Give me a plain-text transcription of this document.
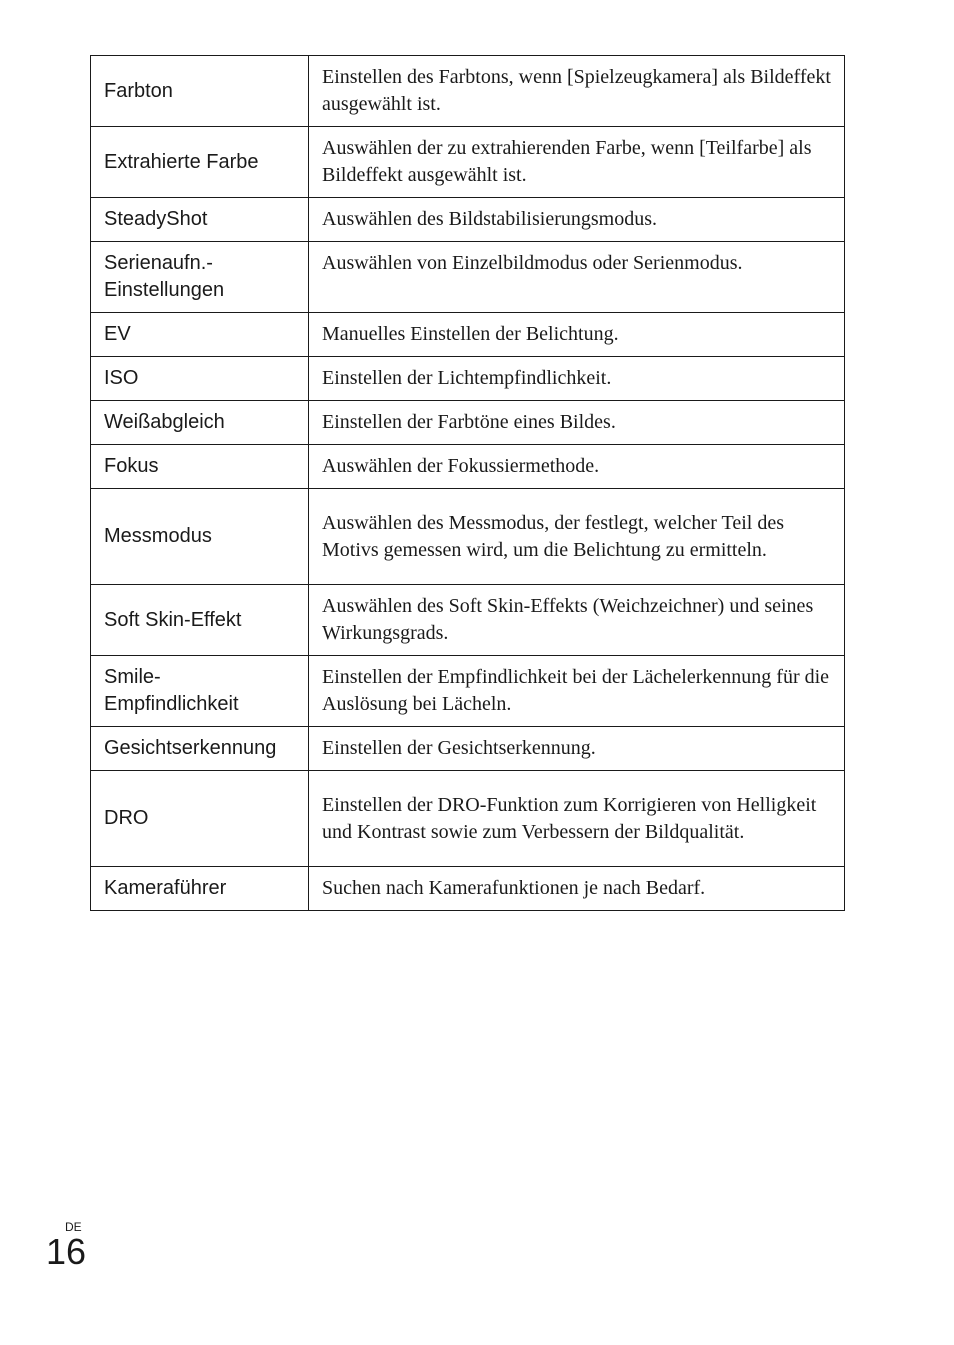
Farbton	Einstellen des Farbtons, wenn [Spielzeugkamera] als Bildeffekt ausgewählt ist.
Extrahierte Farbe	Auswählen der zu extrahierenden Farbe, wenn [Teilfarbe] als Bildeffekt ausgewählt ist.
SteadyShot	Auswählen des Bildstabilisierungsmodus.
Serienaufn.-
Einstellungen	Auswählen von Einzelbildmodus oder Serienmodus.
EV	Manuelles Einstellen der Belichtung.
ISO	Einstellen der Lichtempfindlichkeit.
Weißabgleich	Einstellen der Farbtöne eines Bildes.
Fokus	Auswählen der Fokussiermethode.
Messmodus	Auswählen des Messmodus, der festlegt, welcher Teil des Motivs gemessen wird, um die Belichtung zu ermitteln.
Soft Skin-Effekt	Auswählen des Soft Skin-Effekts (Weichzeichner) und seines Wirkungsgrads.
Smile-
Empfindlichkeit	Einstellen der Empfindlichkeit bei der Lächelerkennung für die Auslösung bei Lächeln.
Gesichtserkennung	Einstellen der Gesichtserkennung.
DRO	Einstellen der DRO-Funktion zum Korrigieren von Helligkeit und Kontrast sowie zum Verbessern der Bildqualität.
Kameraführer	Suchen nach Kamerafunktionen je nach Bedarf.
DE
16
